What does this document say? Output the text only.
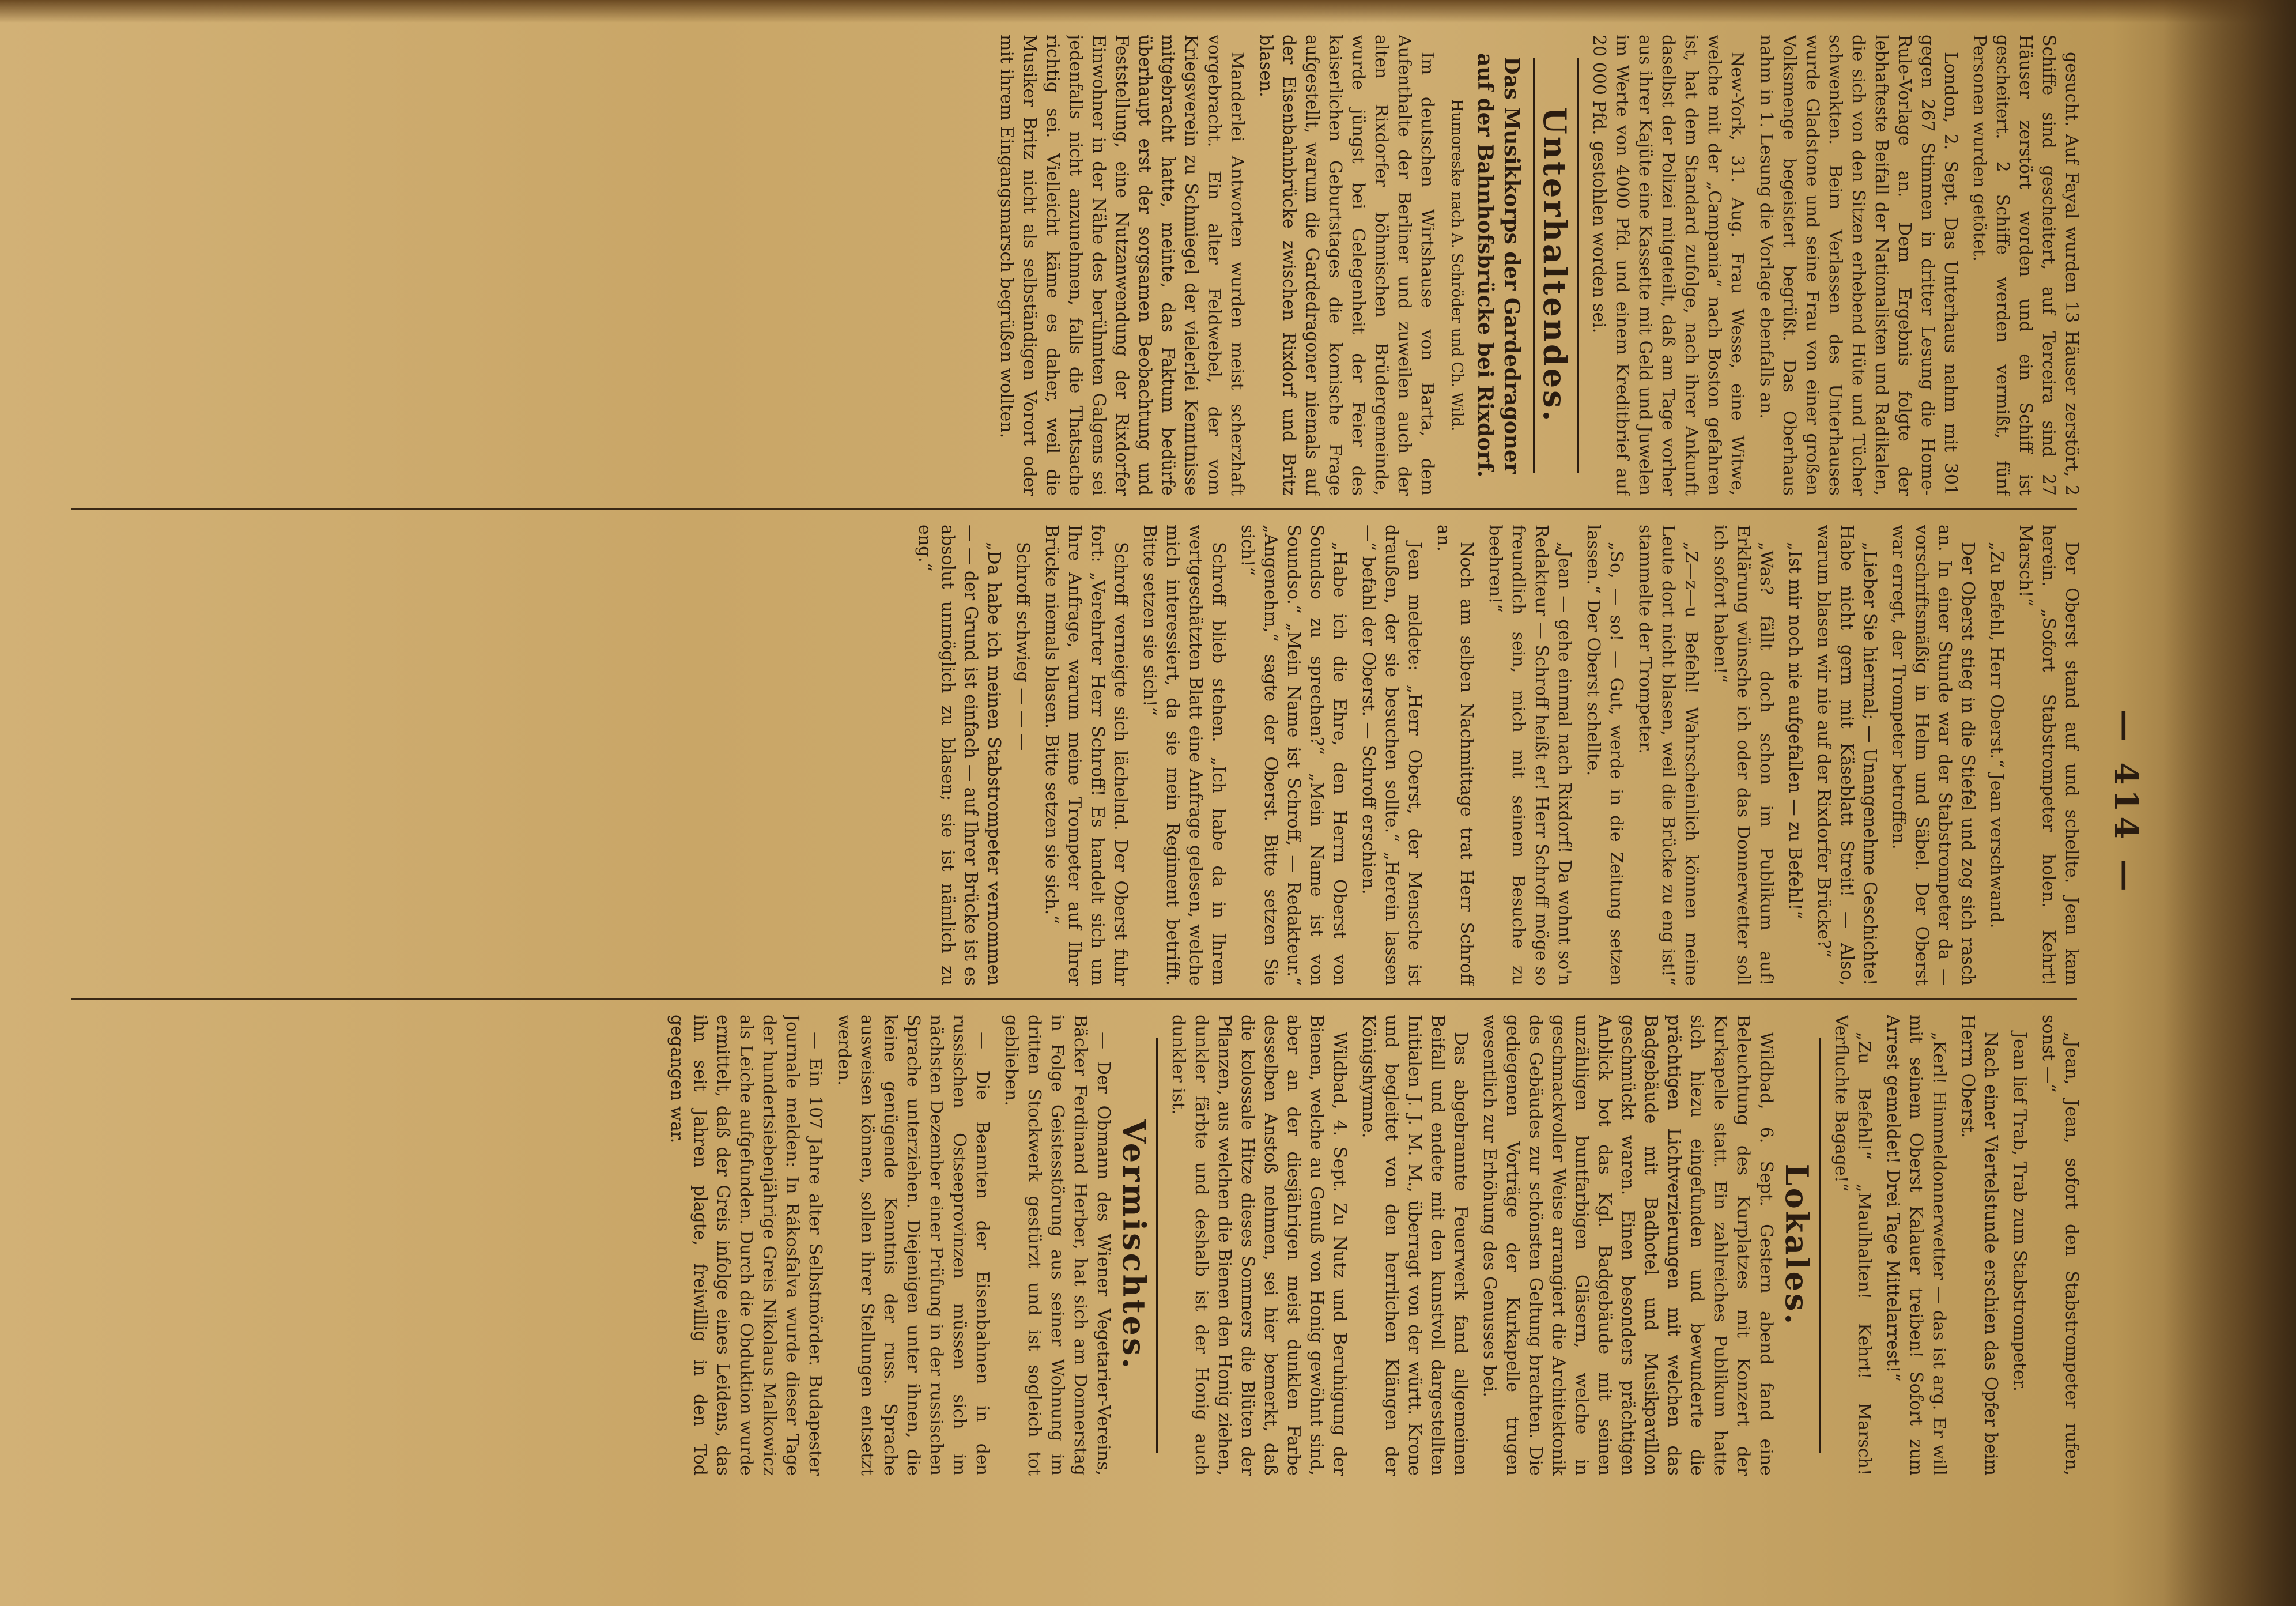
— 414 —

gesucht. Auf Fayal wurden 13 Häuser zerstört, 2 Schiffe sind gescheitert, auf Terceira sind 27 Häuser zerstört worden und ein Schiff ist gescheitert. 2 Schiffe werden vermißt, fünf Personen wurden getötet.

London, 2. Sept. Das Unterhaus nahm mit 301 gegen 267 Stimmen in dritter Lesung die Home-Rule-Vorlage an. Dem Ergebnis folgte der lebhafteste Beifall der Nationalisten und Radikalen, die sich von den Sitzen erhebend Hüte und Tücher schwenkten. Beim Verlassen des Unterhauses wurde Gladstone und seine Frau von einer großen Volksmenge begeistert begrüßt. Das Oberhaus nahm in 1. Lesung die Vorlage ebenfalls an.

New-York, 31. Aug. Frau Wesse, eine Witwe, welche mit der „Campania“ nach Boston gefahren ist, hat dem Standard zufolge, nach ihrer Ankunft daselbst der Polizei mitgeteilt, daß am Tage vorher aus ihrer Kajüte eine Kassette mit Geld und Juwelen im Werte von 4000 Pfd. und einem Kreditbrief auf 20 000 Pfd. gestohlen worden sei.

Unterhaltendes.
Das Musikkorps der Gardedragoner auf der Bahnhofsbrücke bei Rixdorf.
Humoreske nach A. Schröder und Ch. Wild.

Im deutschen Wirtshause von Barta, dem Aufenthalte der Berliner und zuweilen auch der alten Rixdorfer böhmischen Brüdergemeinde, wurde jüngst bei Gelegenheit der Feier des kaiserlichen Geburtstages die komische Frage aufgestellt, warum die Gardedragoner niemals auf der Eisenbahnbrücke zwischen Rixdorf und Britz blasen.

Manderlei Antworten wurden meist scherzhaft vorgebracht. Ein alter Feldwebel, der vom Kriegsverein zu Schmiegel der vielerlei Kenntnisse mitgebracht hatte, meinte, das Faktum bedürfe überhaupt erst der sorgsamen Beobachtung und Feststellung, eine Nutzanwendung der Rixdorfer Einwohner in der Nähe des berühmten Galgens sei jedenfalls nicht anzunehmen, falls die Thatsache richtig sei. Vielleicht käme es daher, weil die Musiker Britz nicht als selbständigen Vorort oder mit ihrem Eingangsmarsch begrüßen wollten.

Der Oberst stand auf und schellte. Jean kam herein. „Sofort Stabstrompeter holen. Kehrt! Marsch!“

„Zu Befehl, Herr Oberst.“ Jean verschwand.

Der Oberst stieg in die Stiefel und zog sich rasch an. In einer Stunde war der Stabstrompeter da — vorschriftsmäßig in Helm und Säbel. Der Oberst war erregt, der Trompeter betroffen.

„Lieber Sie hiermal; — Unangenehme Geschichte! Habe nicht gern mit Käseblatt Streit! — Also, warum blasen wir nie auf der Rixdorfer Brücke?“

„Ist mir noch nie aufgefallen — zu Befehl!“

„Was? fällt doch schon im Publikum auf! Erklärung wünsche ich oder das Donnerwetter soll ich sofort haben!“

„Z—z—u Befehl! Wahrscheinlich können meine Leute dort nicht blasen, weil die Brücke zu eng ist!“ stammelte der Trompeter.

„So, — so! — Gut, werde in die Zeitung setzen lassen.“ Der Oberst schellte.

„Jean — gehe einmal nach Rixdorf! Da wohnt so'n Redakteur — Schroff heißt er! Herr Schroff möge so freundlich sein, mich mit seinem Besuche zu beehren!“

Noch am selben Nachmittage trat Herr Schroff an.

Jean meldete: „Herr Oberst, der Mensche ist draußen, der sie besuchen sollte.“ „Herein lassen —“ befahl der Oberst. — Schroff erschien.

„Habe ich die Ehre, den Herrn Oberst von Soundso zu sprechen?“ „Mein Name ist von Soundso.“ „Mein Name ist Schroff, — Redakteur.“ „Angenehm,“ sagte der Oberst. Bitte setzen Sie sich!“

Schroff blieb stehen. „Ich habe da in Ihrem wertgeschätzten Blatt eine Anfrage gelesen, welche mich interessiert, da sie mein Regiment betrifft. Bitte setzen sie sich!“

Schroff verneigte sich lächelnd. Der Oberst fuhr fort: „Verehrter Herr Schroff! Es handelt sich um Ihre Anfrage, warum meine Trompeter auf Ihrer Brücke niemals blasen. Bitte setzen sie sich.“

Schroff schwieg — — —

„Da habe ich meinen Stabstrompeter vernommen — — der Grund ist einfach — auf Ihrer Brücke ist es absolut unmöglich zu blasen; sie ist nämlich zu eng.“

„Jean, Jean, sofort den Stabstrompeter rufen, sonst —“

Jean lief Trab, Trab zum Stabstrompeter.

Nach einer Viertelstunde erschien das Opfer beim Herrn Oberst.

„Kerl! Himmeldonnerwetter — das ist arg. Er will mit seinem Oberst Kalauer treiben! Sofort zum Arrest gemeldet! Drei Tage Mittelarrest!“

„Zu Befehl!“ „Maulhalten! Kehrt! Marsch! Verfluchte Bagage!“

Lokales.

Wildbad, 6. Sept. Gestern abend fand eine Beleuchtung des Kurplatzes mit Konzert der Kurkapelle statt. Ein zahlreiches Publikum hatte sich hiezu eingefunden und bewunderte die prächtigen Lichtverzierungen mit welchen das Badgebäude mit Badhotel und Musikpavillon geschmückt waren. Einen besonders prächtigen Anblick bot das Kgl. Badgebäude mit seinen unzähligen buntfarbigen Gläsern, welche in geschmackvoller Weise arrangiert die Architektonik des Gebäudes zur schönsten Geltung brachten. Die gediegenen Vorträge der Kurkapelle trugen wesentlich zur Erhöhung des Genusses bei.

Das abgebrannte Feuerwerk fand allgemeinen Beifall und endete mit den kunstvoll dargestellten Initialen J. J. M. M., überragt von der württ. Krone und begleitet von den herrlichen Klängen der Königshymne.

Wildbad, 4. Sept. Zu Nutz und Beruhigung der Bienen, welche au Genuß von Honig gewöhnt sind, aber an der diesjährigen meist dunklen Farbe desselben Anstoß nehmen, sei hier bemerkt, daß die kolossale Hitze dieses Sommers die Blüten der Pflanzen, aus welchen die Bienen den Honig ziehen, dunkler färbte und deshalb ist der Honig auch dunkler ist.

Vermischtes.

— Der Obmann des Wiener Vegetarier-Vereins, Bäcker Ferdinand Herber, hat sich am Donnerstag in Folge Geistesstörung aus seiner Wohnung im dritten Stockwerk gestürzt und ist sogleich tot geblieben.

— Die Beamten der Eisenbahnen in den russischen Ostseeprovinzen müssen sich im nächsten Dezember einer Prüfung in der russischen Sprache unterziehen. Diejenigen unter ihnen, die keine genügende Kenntnis der russ. Sprache ausweisen können, sollen ihrer Stellungen entsetzt werden.

— Ein 107 Jahre alter Selbstmörder. Budapester Journale melden: In Rákosfalva wurde dieser Tage der hundertsiebenjährige Greis Nikolaus Malkowicz als Leiche aufgefunden. Durch die Obduktion wurde ermittelt, daß der Greis infolge eines Leidens, das ihn seit Jahren plagte, freiwillig in den Tod gegangen war.
